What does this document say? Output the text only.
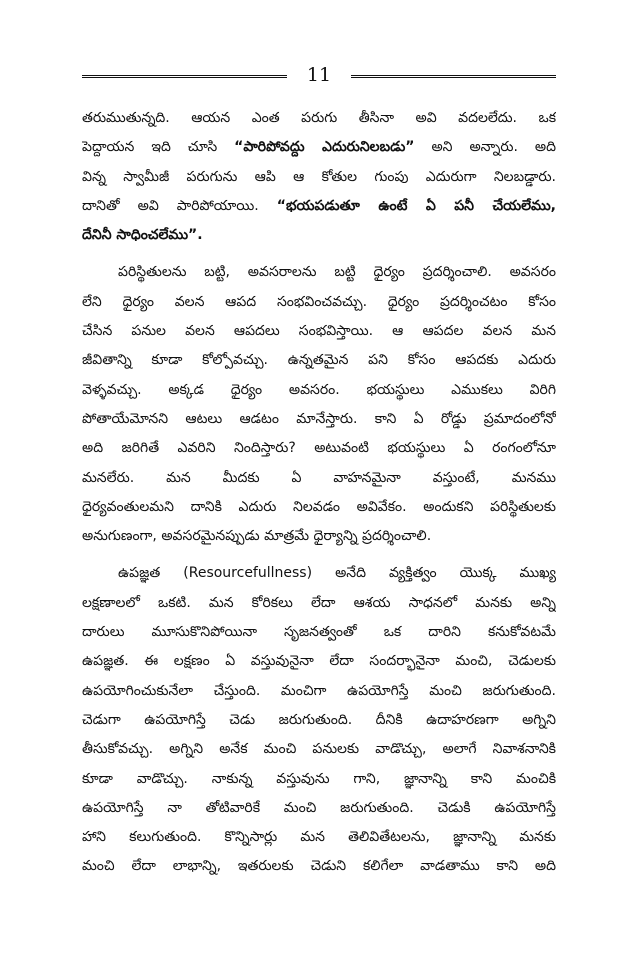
11
తరుముతున్నది. ఆయన ఎంత పరుగు తీసినా అవి వదలలేదు. ఒక
పెద్దాయన ఇది చూసి “పారిపోవద్దు ఎదురునిలబడు” అని అన్నారు. అది
విన్న స్వామీజీ పరుగును ఆపి ఆ కోతుల గుంపు ఎదురుగా నిలబడ్డారు.
దానితో అవి పారిపోయాయి. “భయపడుతూ ఉంటే ఏ పనీ చేయలేము,
దేనినీ సాధించలేము”.
పరిస్థితులను బట్టి, అవసరాలను బట్టి ధైర్యం ప్రదర్శించాలి. అవసరం
లేని ధైర్యం వలన ఆపద సంభవించవచ్చు. ధైర్యం ప్రదర్శించటం కోసం
చేసిన పనుల వలన ఆపదలు సంభవిస్తాయి. ఆ ఆపదల వలన మన
జీవితాన్ని కూడా కోల్పోవచ్చు. ఉన్నతమైన పని కోసం ఆపదకు ఎదురు
వెళ్ళవచ్చు. అక్కడ ధైర్యం అవసరం. భయస్థులు ఎముకలు విరిగి
పోతాయేమోనని ఆటలు ఆడటం మానేస్తారు. కాని ఏ రోడ్డు ప్రమాదంలోనో
అది జరిగితే ఎవరిని నిందిస్తారు? అటువంటి భయస్థులు ఏ రంగంలోనూ
మనలేరు. మన మీదకు ఏ వాహనమైనా వస్తుంటే, మనము
ధైర్యవంతులమని దానికి ఎదురు నిలవడం అవివేకం. అందుకని పరిస్థితులకు
అనుగుణంగా, అవసరమైనప్పుడు మాత్రమే ధైర్యాన్ని ప్రదర్శించాలి.
ఉపజ్ఞత (Resourcefullness) అనేది వ్యక్తిత్వం యొక్క ముఖ్య
లక్షణాలలో ఒకటి. మన కోరికలు లేదా ఆశయ సాధనలో మనకు అన్ని
దారులు మూసుకొనిపోయినా సృజనత్వంతో ఒక దారిని కనుకోవటమే
ఉపజ్ఞత. ఈ లక్షణం ఏ వస్తువునైనా లేదా సందర్భానైనా మంచి, చెడులకు
ఉపయోగించుకునేలా చేస్తుంది. మంచిగా ఉపయోగిస్తే మంచి జరుగుతుంది.
చెడుగా ఉపయోగిస్తే చెడు జరుగుతుంది. దీనికి ఉదాహరణగా అగ్నిని
తీసుకోవచ్చు. అగ్నిని అనేక మంచి పనులకు వాడొచ్చు, అలాగే నివాశనానికి
కూడా వాడొచ్చు. నాకున్న వస్తువును గాని, జ్ఞానాన్ని కాని మంచికి
ఉపయోగిస్తే నా తోటివారికే మంచి జరుగుతుంది. చెడుకి ఉపయోగిస్తే
హాని కలుగుతుంది. కొన్నిసార్లు మన తెలివితేటలను, జ్ఞానాన్ని మనకు
మంచి లేదా లాభాన్ని, ఇతరులకు చెడుని కలిగేలా వాడతాము కాని అది
